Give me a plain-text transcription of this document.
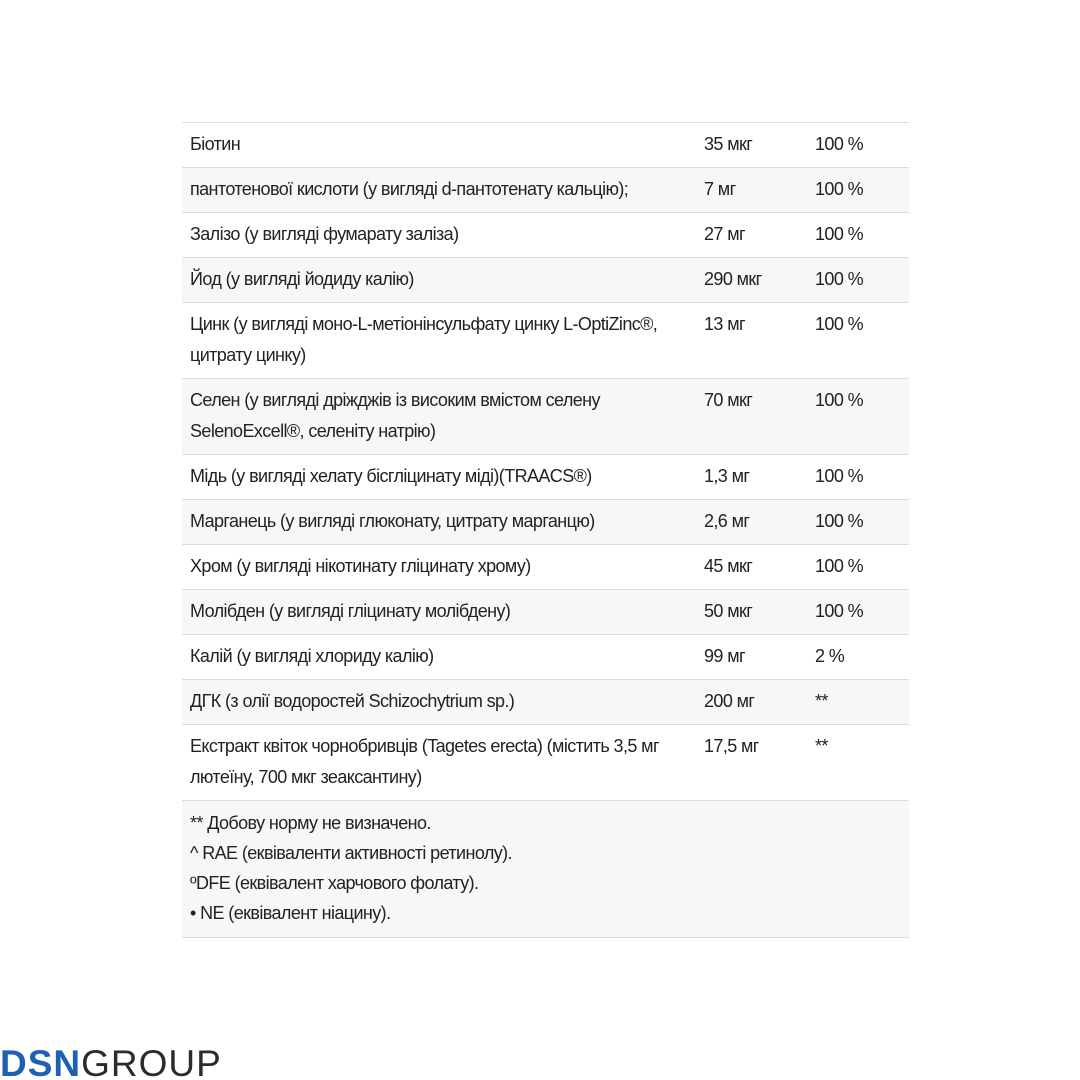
Біотин	35 мкг	100 %
пантотенової кислоти (у вигляді d-пантотенату кальцію);	7 мг	100 %
Залізо (у вигляді фумарату заліза)	27 мг	100 %
Йод (у вигляді йодиду калію)	290 мкг	100 %
Цинк (у вигляді моно-L-метіонінсульфату цинку L-OptiZinc®, цитрату цинку)	13 мг	100 %
Селен (у вигляді дріжджів із високим вмістом селену SelenoExcell®, селеніту натрію)	70 мкг	100 %
Мідь (у вигляді хелату бісгліцинату міді)(TRAACS®)	1,3 мг	100 %
Марганець (у вигляді глюконату, цитрату марганцю)	2,6 мг	100 %
Хром (у вигляді нікотинату гліцинату хрому)	45 мкг	100 %
Молібден (у вигляді гліцинату молібдену)	50 мкг	100 %
Калій (у вигляді хлориду калію)	99 мг	2 %
ДГК (з олії водоростей Schizochytrium sp.)	200 мг	**
Екстракт квіток чорнобривців (Tagetes erecta) (містить 3,5 мг лютеїну, 700 мкг зеаксантину)	17,5 мг	**

** Добову норму не визначено.
^ RAE (еквіваленти активності ретинолу).
ºDFE (еквівалент харчового фолату).
• NE (еквівалент ніацину).		
DSNGROUP
